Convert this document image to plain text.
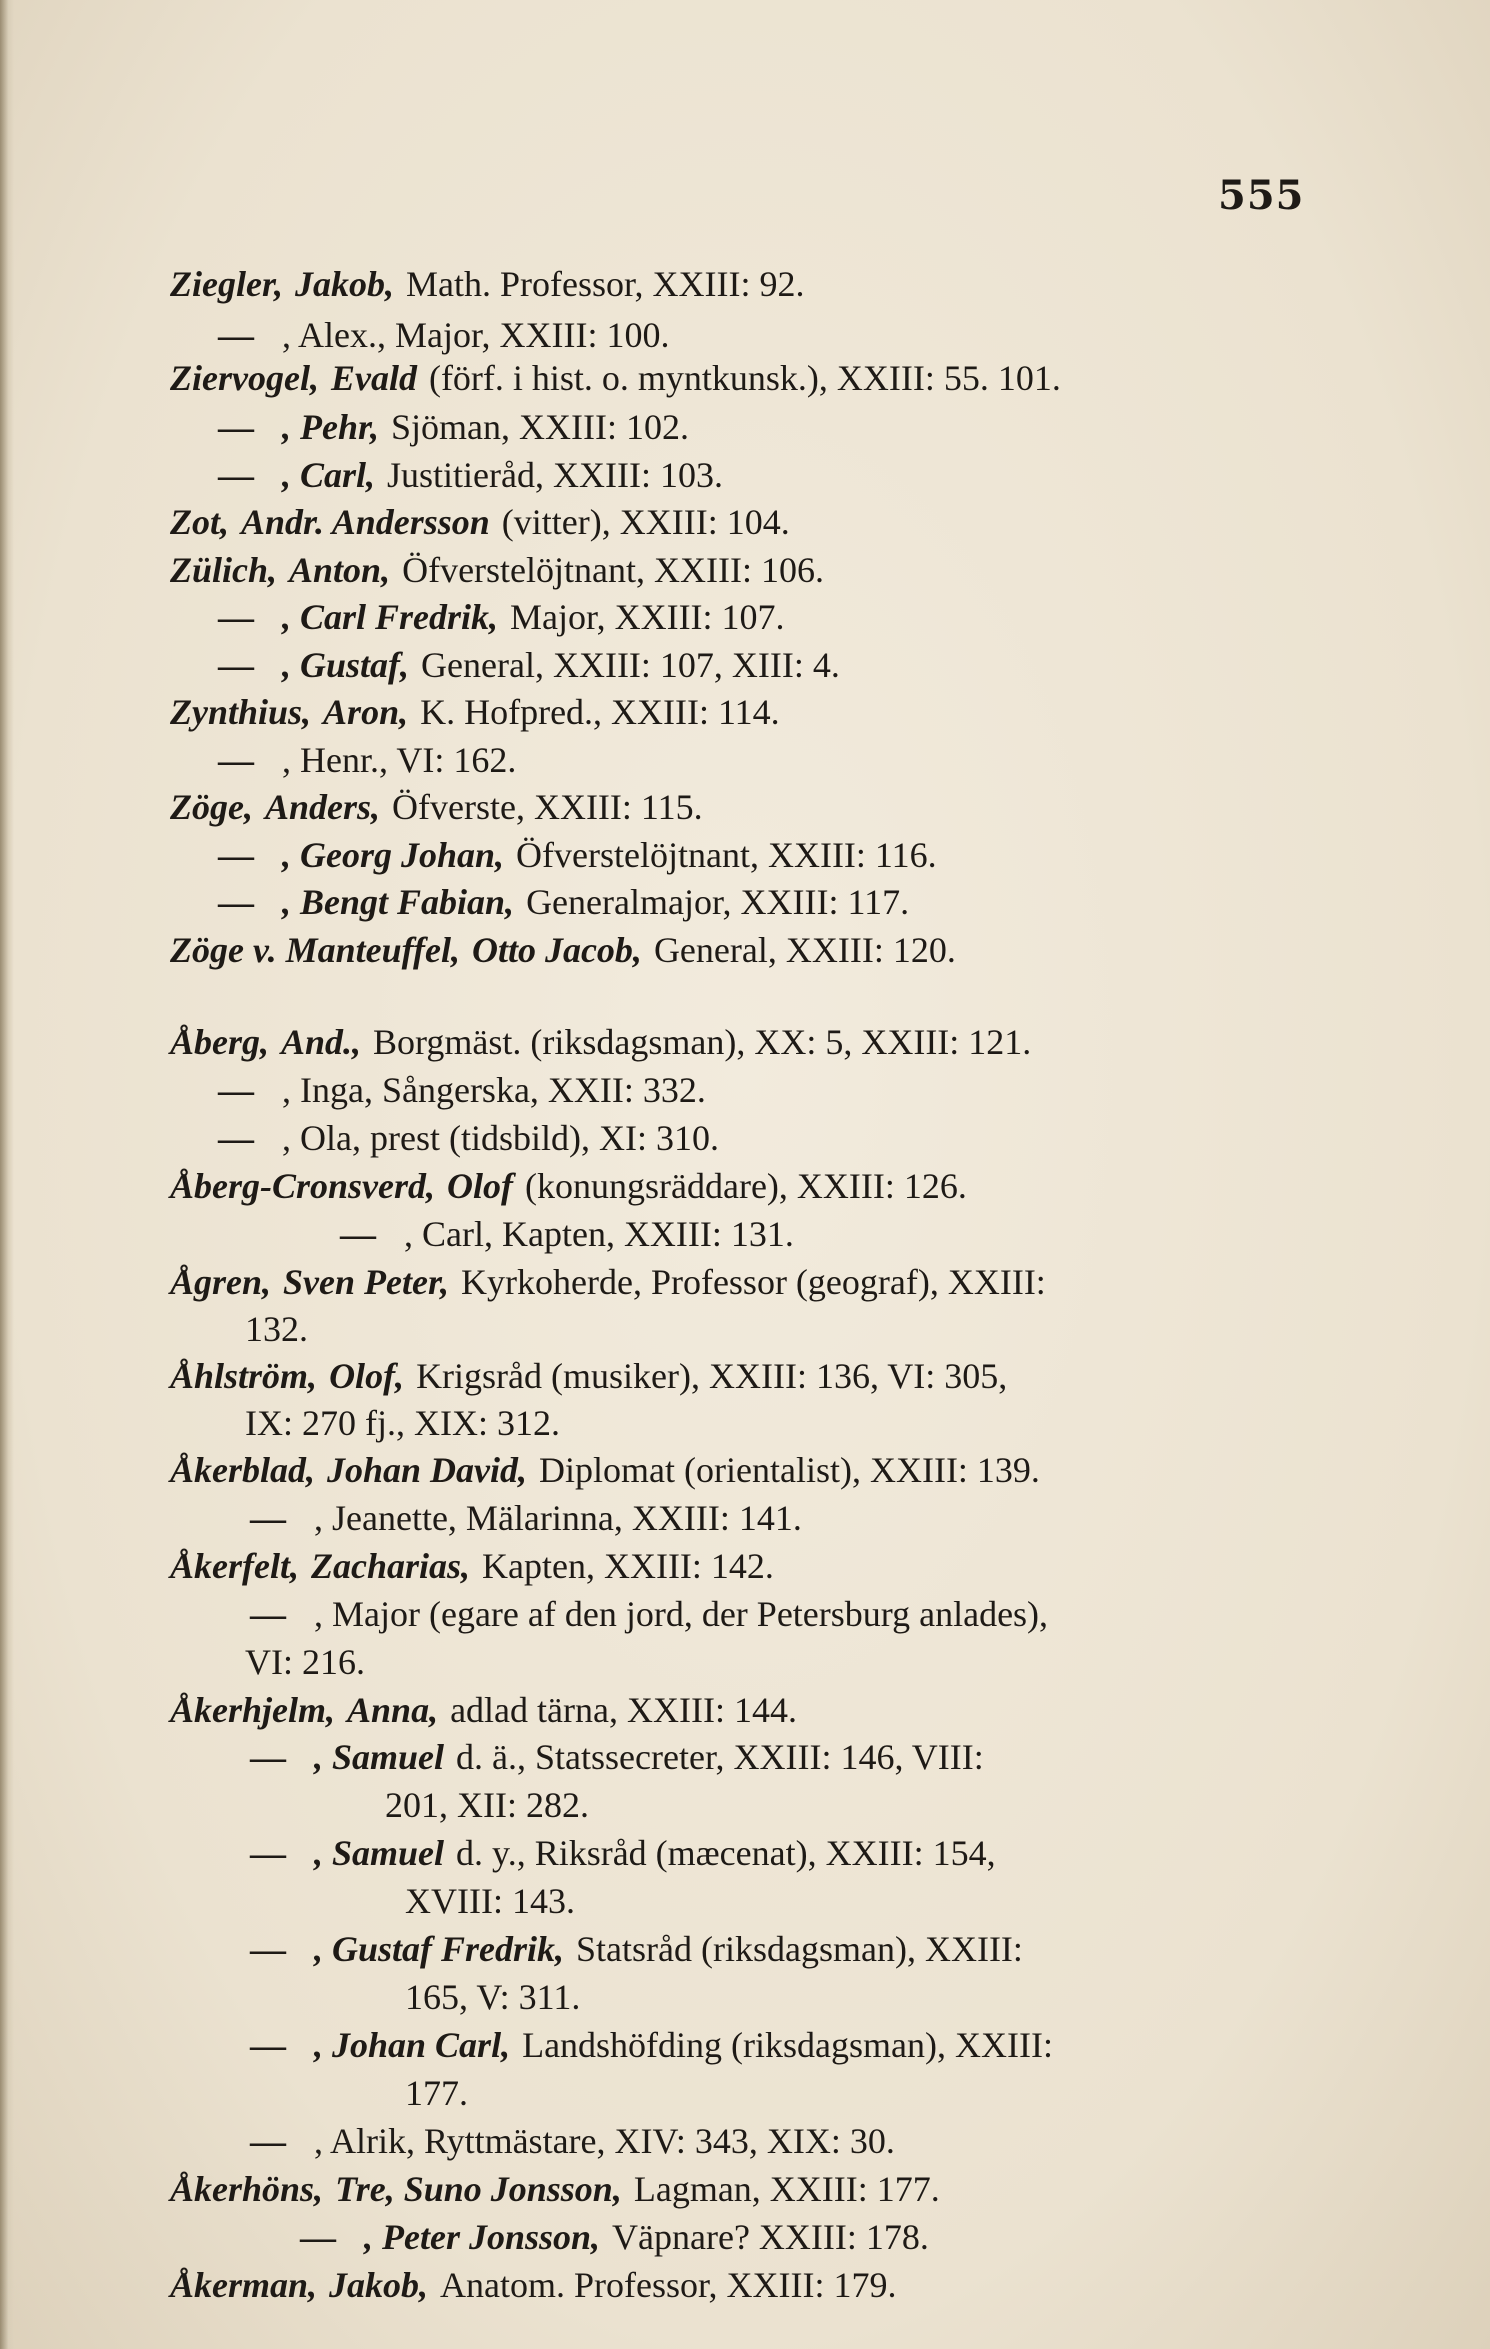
555
Ziegler, Jakob, Math. Professor, XXIII: 92.
— , Alex., Major, XXIII: 100.
Ziervogel, Evald (förf. i hist. o. myntkunsk.), XXIII: 55. 101.
— , Pehr, Sjöman, XXIII: 102.
— , Carl, Justitieråd, XXIII: 103.
Zot, Andr. Andersson (vitter), XXIII: 104.
Zülich, Anton, Öfverstelöjtnant, XXIII: 106.
— , Carl Fredrik, Major, XXIII: 107.
— , Gustaf, General, XXIII: 107, XIII: 4.
Zynthius, Aron, K. Hofpred., XXIII: 114.
— , Henr., VI: 162.
Zöge, Anders, Öfverste, XXIII: 115.
— , Georg Johan, Öfverstelöjtnant, XXIII: 116.
— , Bengt Fabian, Generalmajor, XXIII: 117.
Zöge v. Manteuffel, Otto Jacob, General, XXIII: 120.
Åberg, And., Borgmäst. (riksdagsman), XX: 5, XXIII: 121.
— , Inga, Sångerska, XXII: 332.
— , Ola, prest (tidsbild), XI: 310.
Åberg-Cronsverd, Olof (konungsräddare), XXIII: 126.
— , Carl, Kapten, XXIII: 131.
Ågren, Sven Peter, Kyrkoherde, Professor (geograf), XXIII:
132.
Åhlström, Olof, Krigsråd (musiker), XXIII: 136, VI: 305,
IX: 270 fj., XIX: 312.
Åkerblad, Johan David, Diplomat (orientalist), XXIII: 139.
— , Jeanette, Mälarinna, XXIII: 141.
Åkerfelt, Zacharias, Kapten, XXIII: 142.
— , Major (egare af den jord, der Petersburg anlades),
VI: 216.
Åkerhjelm, Anna, adlad tärna, XXIII: 144.
— , Samuel d. ä., Statssecreter, XXIII: 146, VIII:
201, XII: 282.
— , Samuel d. y., Riksråd (mæcenat), XXIII: 154,
XVIII: 143.
— , Gustaf Fredrik, Statsråd (riksdagsman), XXIII:
165, V: 311.
— , Johan Carl, Landshöfding (riksdagsman), XXIII:
177.
— , Alrik, Ryttmästare, XIV: 343, XIX: 30.
Åkerhöns, Tre, Suno Jonsson, Lagman, XXIII: 177.
— , Peter Jonsson, Väpnare? XXIII: 178.
Åkerman, Jakob, Anatom. Professor, XXIII: 179.
